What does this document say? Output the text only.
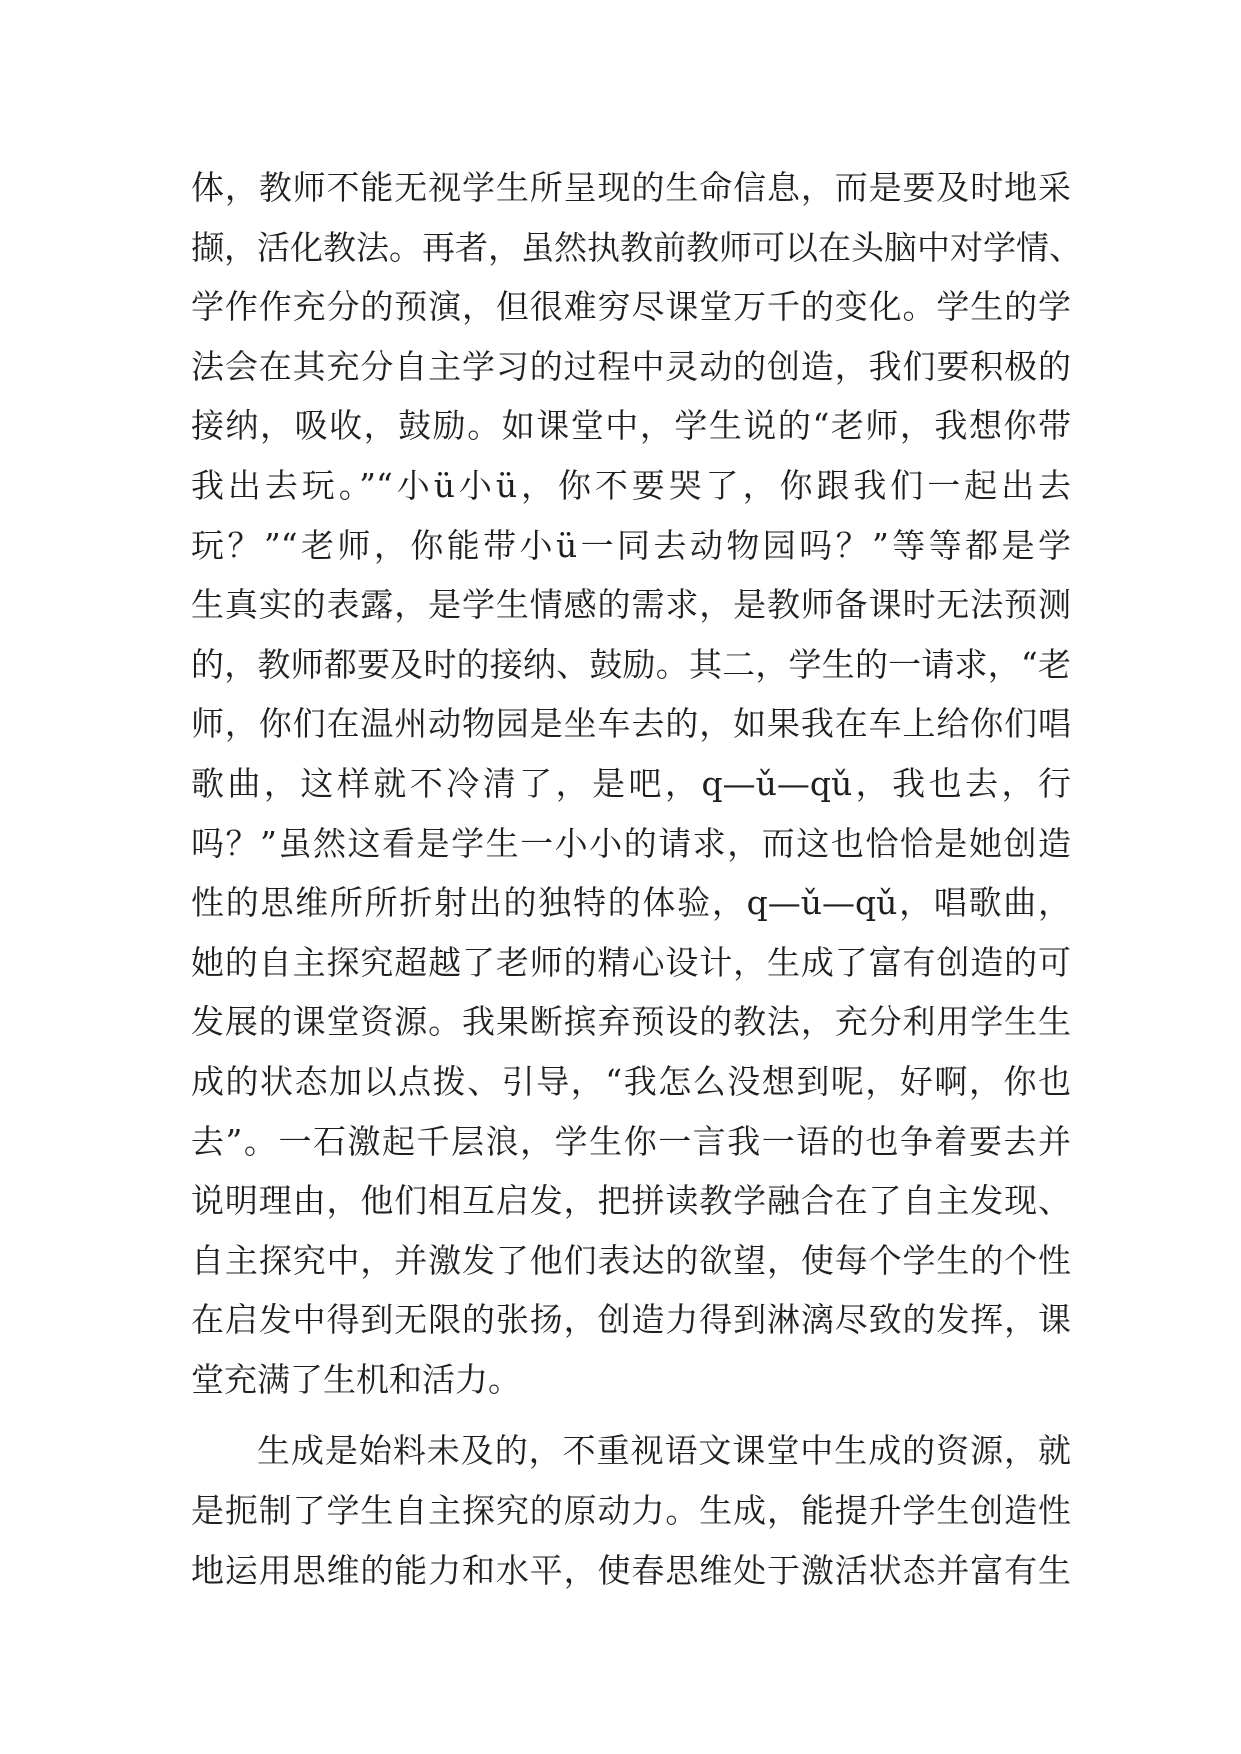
体，教师不能无视学生所呈现的生命信息，而是要及时地采
撷，活化教法。再者，虽然执教前教师可以在头脑中对学情、
学作作充分的预演，但很难穷尽课堂万千的变化。学生的学
法会在其充分自主学习的过程中灵动的创造，我们要积极的
接纳，吸收，鼓励。如课堂中，学生说的“老师，我想你带
我出去玩。”“小ü小ü，你不要哭了，你跟我们一起出去
玩？”“老师，你能带小ü一同去动物园吗？”等等都是学
生真实的表露，是学生情感的需求，是教师备课时无法预测
的，教师都要及时的接纳、鼓励。其二，学生的一请求，“老
师，你们在温州动物园是坐车去的，如果我在车上给你们唱
歌曲，这样就不冷清了，是吧，q—ǔ—qǔ，我也去，行
吗？”虽然这看是学生一小小的请求，而这也恰恰是她创造
性的思维所所折射出的独特的体验，q—ǔ—qǔ，唱歌曲，
她的自主探究超越了老师的精心设计，生成了富有创造的可
发展的课堂资源。我果断摈弃预设的教法，充分利用学生生
成的状态加以点拨、引导，“我怎么没想到呢，好啊，你也
去”。一石激起千层浪，学生你一言我一语的也争着要去并
说明理由，他们相互启发，把拼读教学融合在了自主发现、
自主探究中，并激发了他们表达的欲望，使每个学生的个性
在启发中得到无限的张扬，创造力得到淋漓尽致的发挥，课
堂充满了生机和活力。
生成是始料未及的，不重视语文课堂中生成的资源，就
是扼制了学生自主探究的原动力。生成，能提升学生创造性
地运用思维的能力和水平，使春思维处于激活状态并富有生
